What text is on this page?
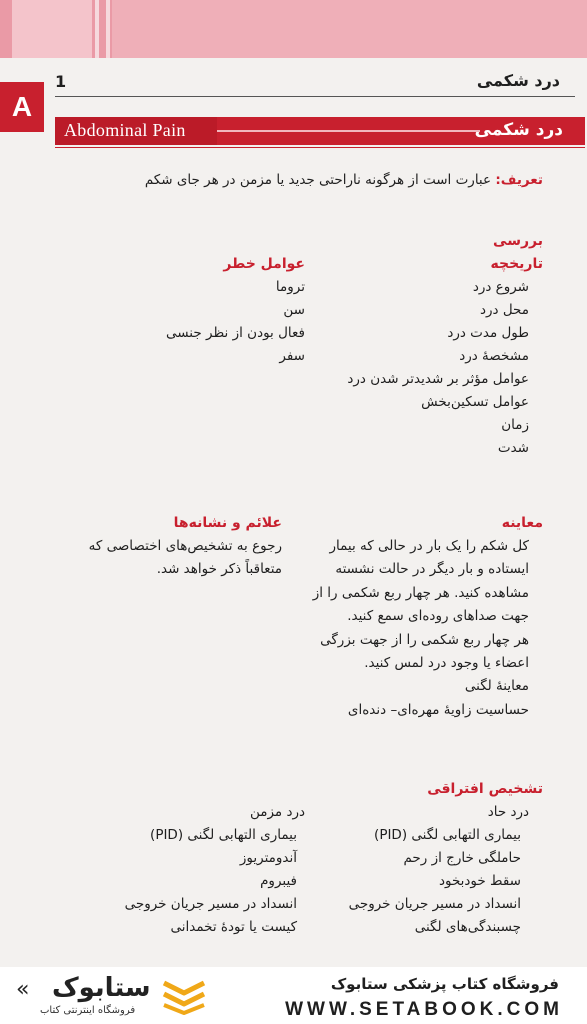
A
1	درد شکمی
Abdominal Pain	درد شکمی
تعریف: عبارت است از هرگونه ناراحتی جدید یا مزمن در هر جای شکم
بررسی
تاریخچه
شروع درد
محل درد
طول مدت درد
مشخصهٔ درد
عوامل مؤثر بر شدیدتر شدن درد
عوامل تسکین‌بخش
زمان
شدت
عوامل خطر
تروما
سن
فعال بودن از نظر جنسی
سفر
معاینه
کل شکم را یک بار در حالی که بیمار
ایستاده و بار دیگر در حالت نشسته
مشاهده کنید. هر چهار ربع شکمی را از
جهت صداهای روده‌ای سمع کنید.
هر چهار ربع شکمی را از جهت بزرگی
اعضاء یا وجود درد لمس کنید.
معاینهٔ لگنی
حساسیت زاویهٔ مهره‌ای– دنده‌ای
علائم و نشانه‌ها
رجوع به تشخیص‌های اختصاصی که
متعاقباً ذکر خواهد شد.
تشخیص افتراقی
درد حاد
بیماری التهابی لگنی (PID)
حاملگی خارج از رحم
سقط خودبخود
انسداد در مسیر جریان خروجی
چسبندگی‌های لگنی
درد مزمن
بیماری التهابی لگنی (PID)
آندومتریوز
فیبروم
انسداد در مسیر جریان خروجی
کیست یا تودهٔ تخمدانی
« ستابوک
فروشگاه اینترنتی کتاب
فروشگاه کتاب پزشکی ستابوک
WWW.SETABOOK.COM
